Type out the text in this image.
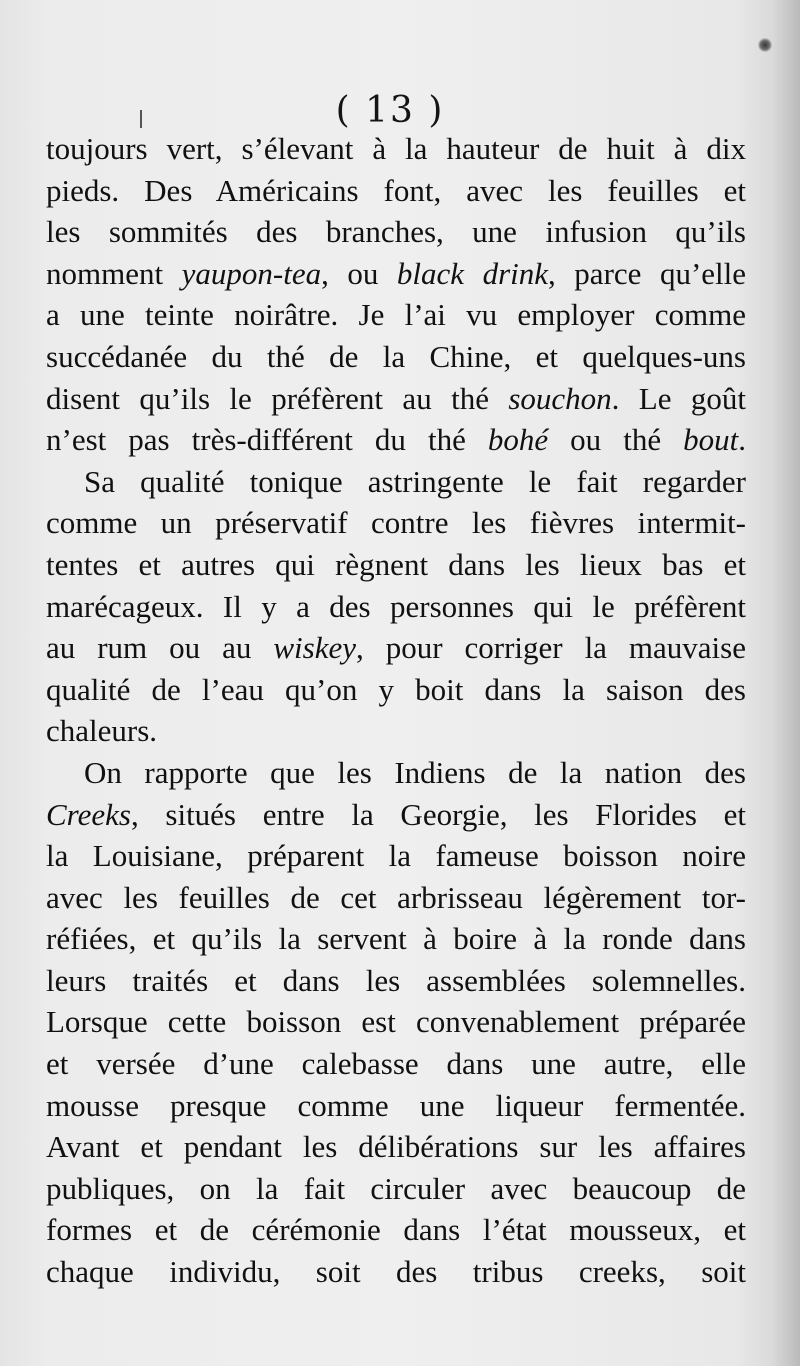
( 13 )
toujours vert, s’élevant à la hauteur de huit à dix
pieds. Des Américains font, avec les feuilles et
les sommités des branches, une infusion qu’ils
nomment yaupon-tea, ou black drink, parce qu’elle
a une teinte noirâtre. Je l’ai vu employer comme
succédanée du thé de la Chine, et quelques-uns
disent qu’ils le préfèrent au thé souchon. Le goût
n’est pas très-différent du thé bohé ou thé bout.
Sa qualité tonique astringente le fait regarder
comme un préservatif contre les fièvres intermit-
tentes et autres qui règnent dans les lieux bas et
marécageux. Il y a des personnes qui le préfèrent
au rum ou au wiskey, pour corriger la mauvaise
qualité de l’eau qu’on y boit dans la saison des
chaleurs.
On rapporte que les Indiens de la nation des
Creeks, situés entre la Georgie, les Florides et
la Louisiane, préparent la fameuse boisson noire
avec les feuilles de cet arbrisseau légèrement tor-
réfiées, et qu’ils la servent à boire à la ronde dans
leurs traités et dans les assemblées solemnelles.
Lorsque cette boisson est convenablement préparée
et versée d’une calebasse dans une autre, elle
mousse presque comme une liqueur fermentée.
Avant et pendant les délibérations sur les affaires
publiques, on la fait circuler avec beaucoup de
formes et de cérémonie dans l’état mousseux, et
chaque individu, soit des tribus creeks, soit
